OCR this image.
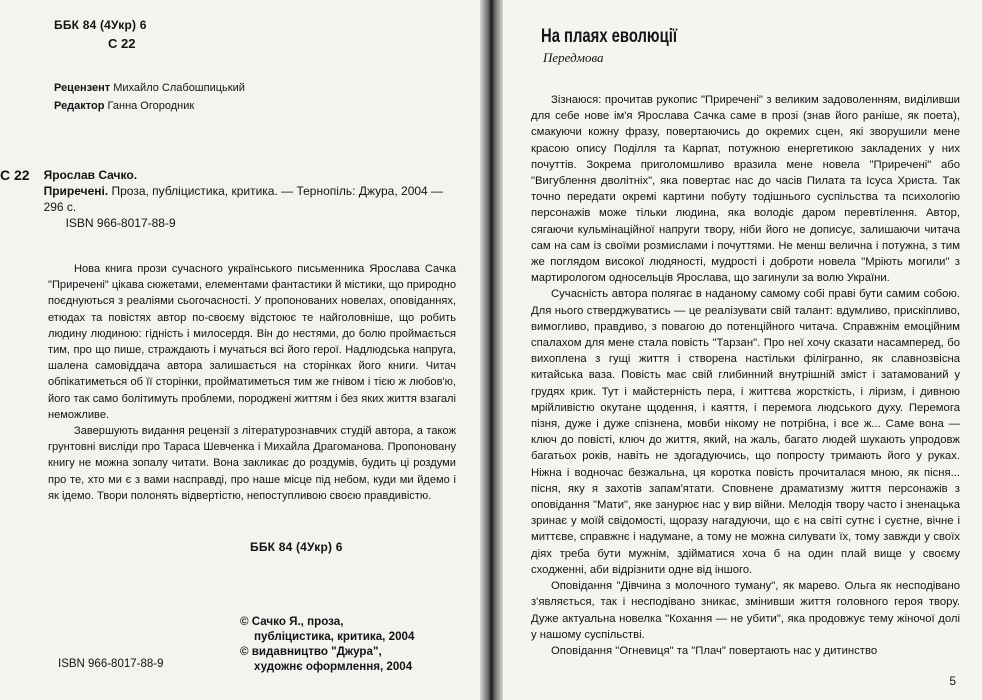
ББК 84 (4Укр) 6
С 22
Рецензент Михайло Слабошпицький
Редактор Ганна Огородник
С 22	Ярослав Сачко.
Приречені. Проза, публіцистика, критика. — Тернопіль: Джура, 2004 — 296 с.
ISBN 966-8017-88-9

Нова книга прози сучасного українського письменника Ярослава Сачка "Приречені" цікава сюжетами, елементами фантастики й містики, що природно поєднуються з реаліями сьогочасності. У пропонованих новелах, оповіданнях, етюдах та повістях автор по-своєму відстоює те найголовніше, що робить людину людиною: гідність і милосердя. Він до нестями, до болю проймається тим, про що пише, страждають і мучаться всі його герої. Надлюдська напруга, шалена самовіддача автора залишається на сторінках його книги. Читач обпікатиметься об її сторінки, пройматиметься тим же гнівом і тією ж любов'ю, його так само болітимуть проблеми, породжені життям і без яких життя взагалі неможливе.

Завершують видання рецензії з літературознавчих студій автора, а також грунтовні висліди про Тараса Шевченка і Михайла Драгоманова. Пропоновану книгу не можна зопалу читати. Вона закликає до роздумів, будить ці роздуми про те, хто ми є з вами насправді, про наше місце під небом, куди ми йдемо і як ідемо. Твори полонять відвертістю, непоступливою своєю правдивістю.

ББК 84 (4Укр) 6
© Сачко Я., проза,
публіцистика, критика, 2004
© видавництво "Джура",
художнє оформлення, 2004
ISBN 966-8017-88-9
На плаях еволюції
Передмова

Зізнаюся: прочитав рукопис "Приречені" з великим задоволенням, виділивши для себе нове ім'я Ярослава Сачка саме в прозі (знав його раніше, як поета), смакуючи кожну фразу, повертаючись до окремих сцен, які зворушили мене красою опису Поділля та Карпат, потужною енергетикою закладених у них почуттів. Зокрема приголомшливо вразила мене новела "Приречені" або "Вигублення дволітніх", яка повертає нас до часів Пилата та Ісуса Христа. Так точно передати окремі картини побуту тодішнього суспільства та психологію персонажів може тільки людина, яка володіє даром перевтілення. Автор, сягаючи кульмінаційної напруги твору, ніби його не дописує, залишаючи читача сам на сам із своїми розмислами і почуттями. Не менш велична і потужна, з тим же поглядом високої людяності, мудрості і доброти новела "Мріють могили" з мартирологом односельців Ярослава, що загинули за волю України.

Сучасність автора полягає в наданому самому собі праві бути самим собою. Для нього стверджуватись — це реалізувати свій талант: вдумливо, прискіпливо, вимогливо, правдиво, з повагою до потенційного читача. Справжнім емоційним спалахом для мене стала повість "Тарзан". Про неї хочу сказати насамперед, бо вихоплена з гущі життя і створена настільки філігранно, як славнозвісна китайська ваза. Повість має свій глибинний внутрішній зміст і затамований у грудях крик. Тут і майстерність пера, і життєва жорсткість, і ліризм, і дивною мрійливістю окутане щодення, і каяття, і перемога людського духу. Перемога пізня, дуже і дуже спізнена, мовби нікому не потрібна, і все ж... Саме вона — ключ до повісті, ключ до життя, який, на жаль, багато людей шукають упродовж багатьох років, навіть не здогадуючись, що попросту тримають його у руках. Ніжна і водночас безжальна, ця коротка повість прочиталася мною, як пісня... пісня, яку я захотів запам'ятати. Сповнене драматизму життя персонажів з оповідання "Мати", яке занурює нас у вир війни. Мелодія твору часто і зненацька зринає у моїй свідомості, щоразу нагадуючи, що є на світі сутнє і суєтне, вічне і миттєве, справжнє і надумане, а тому не можна силувати їх, тому завжди у своїх діях треба бути мужнім, здійматися хоча б на один плай вище у своєму сходженні, аби відрізнити одне від іншого.

Оповідання "Дівчина з молочного туману", як марево. Ольга як несподівано з'являється, так і несподівано зникає, змінивши життя головного героя твору. Дуже актуальна новелка "Кохання — не убити", яка продовжує тему жіночої долі у нашому суспільстві.

Оповідання "Огневиця" та "Плач" повертають нас у дитинство

5
